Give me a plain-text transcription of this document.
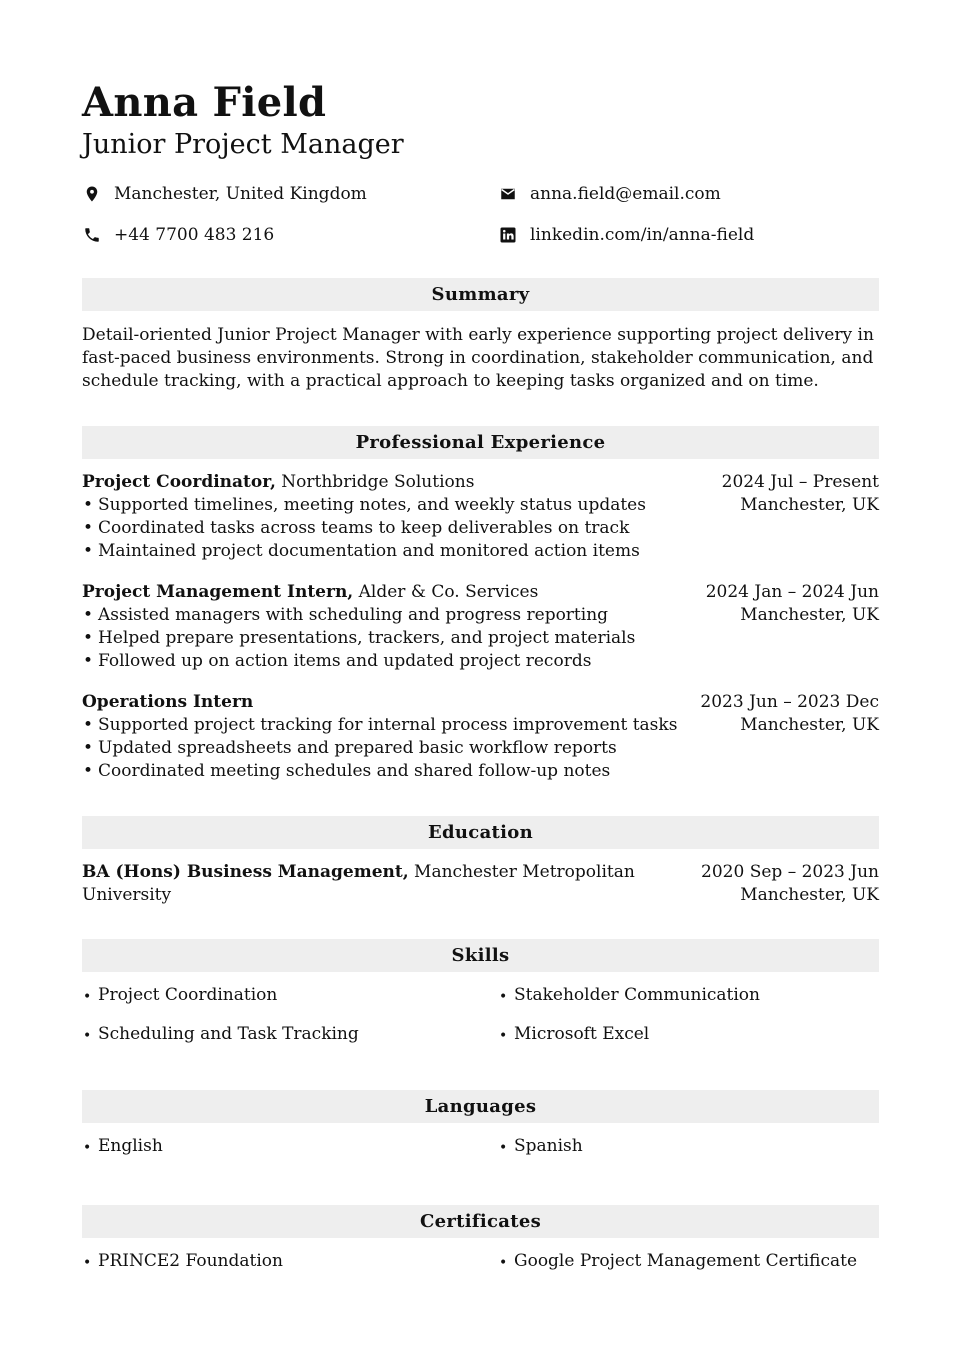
Anna Field
Junior Project Manager
Manchester, United Kingdom
+44 7700 483 216
anna.field@email.com
linkedin.com/in/anna-field
Summary

Detail-oriented Junior Project Manager with early experience supporting project delivery in fast-paced business environments. Strong in coordination, stakeholder communication, and schedule tracking, with a practical approach to keeping tasks organized and on time.

Professional Experience
Project Coordinator, Northbridge Solutions
• Supported timelines, meeting notes, and weekly status updates
• Coordinated tasks across teams to keep deliverables on track
• Maintained project documentation and monitored action items
2024 Jul – Present
Manchester, UK
Project Management Intern, Alder & Co. Services
• Assisted managers with scheduling and progress reporting
• Helped prepare presentations, trackers, and project materials
• Followed up on action items and updated project records
2024 Jan – 2024 Jun
Manchester, UK
Operations Intern
• Supported project tracking for internal process improvement tasks
• Updated spreadsheets and prepared basic workflow reports
• Coordinated meeting schedules and shared follow-up notes
2023 Jun – 2023 Dec
Manchester, UK
Education
BA (Hons) Business Management, Manchester Metropolitan University
2020 Sep – 2023 Jun
Manchester, UK
Skills
• Project Coordination	• Stakeholder Communication
• Scheduling and Task Tracking	• Microsoft Excel
Languages
• English	• Spanish
Certificates
• PRINCE2 Foundation	• Google Project Management Certificate
